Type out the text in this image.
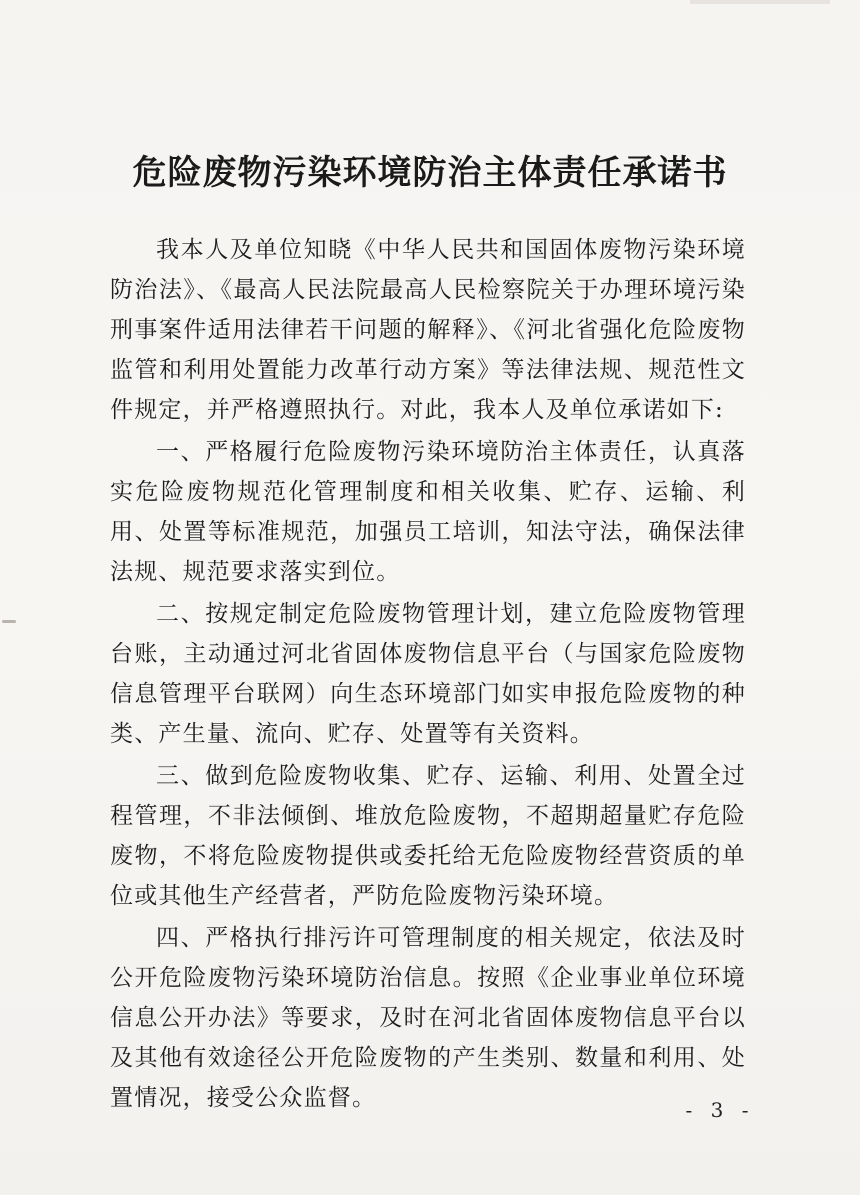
危险废物污染环境防治主体责任承诺书

我本人及单位知晓《中华人民共和国固体废物污染环境防治法》、《最高人民法院最高人民检察院关于办理环境污染刑事案件适用法律若干问题的解释》、《河北省强化危险废物监管和利用处置能力改革行动方案》等法律法规、规范性文件规定，并严格遵照执行。对此，我本人及单位承诺如下:

一、严格履行危险废物污染环境防治主体责任，认真落实危险废物规范化管理制度和相关收集、贮存、运输、利用、处置等标准规范，加强员工培训，知法守法，确保法律法规、规范要求落实到位。

二、按规定制定危险废物管理计划，建立危险废物管理台账，主动通过河北省固体废物信息平台（与国家危险废物信息管理平台联网）向生态环境部门如实申报危险废物的种类、产生量、流向、贮存、处置等有关资料。

三、做到危险废物收集、贮存、运输、利用、处置全过程管理，不非法倾倒、堆放危险废物，不超期超量贮存危险废物，不将危险废物提供或委托给无危险废物经营资质的单位或其他生产经营者，严防危险废物污染环境。

四、严格执行排污许可管理制度的相关规定，依法及时公开危险废物污染环境防治信息。按照《企业事业单位环境信息公开办法》等要求，及时在河北省固体废物信息平台以及其他有效途径公开危险废物的产生类别、数量和利用、处置情况，接受公众监督。	- 3 -
